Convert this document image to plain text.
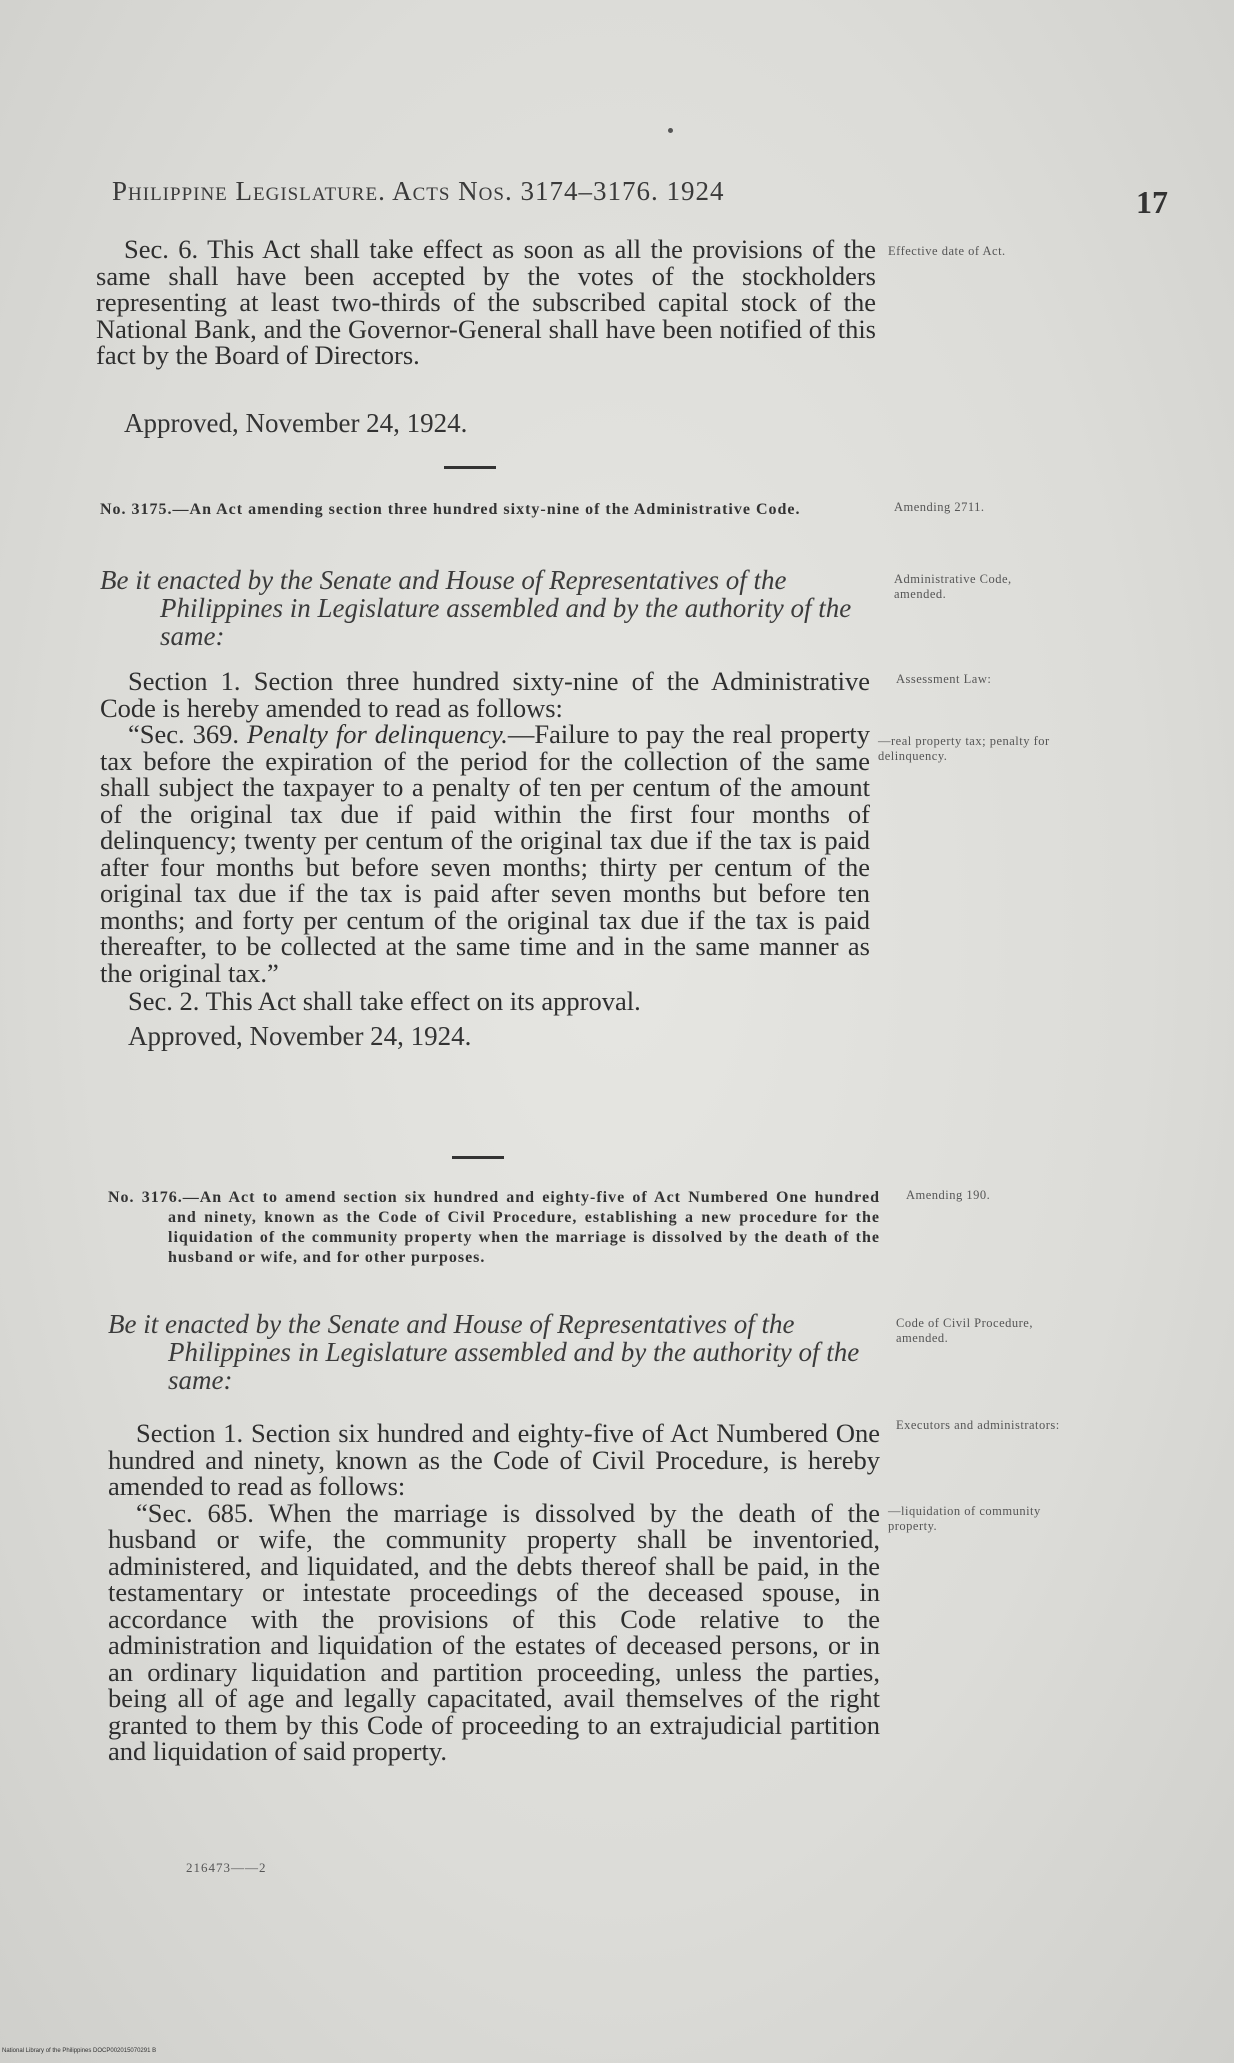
Philippine Legislature. Acts Nos. 3174–3176. 1924	17

Sec. 6. This Act shall take effect as soon as all the provisions of the same shall have been accepted by the votes of the stockholders representing at least two-thirds of the subscribed capital stock of the National Bank, and the Governor-General shall have been notified of this fact by the Board of Directors.

Approved, November 24, 1924.

Effective date of Act.

No. 3175.—An Act amending section three hundred sixty-nine of the Administrative Code.	Amending 2711.

Be it enacted by the Senate and House of Representatives of the Philippines in Legislature assembled and by the authority of the same:

Administrative Code, amended.

Section 1. Section three hundred sixty-nine of the Administrative Code is hereby amended to read as follows:

“Sec. 369. Penalty for delinquency.—Failure to pay the real property tax before the expiration of the period for the collection of the same shall subject the taxpayer to a penalty of ten per centum of the amount of the original tax due if paid within the first four months of delinquency; twenty per centum of the original tax due if the tax is paid after four months but before seven months; thirty per centum of the original tax due if the tax is paid after seven months but before ten months; and forty per centum of the original tax due if the tax is paid thereafter, to be collected at the same time and in the same manner as the original tax.”

Sec. 2. This Act shall take effect on its approval.

Approved, November 24, 1924.

Assessment Law:
—real property tax; penalty for delinquency.

No. 3176.—An Act to amend section six hundred and eighty-five of Act Numbered One hundred and ninety, known as the Code of Civil Procedure, establishing a new procedure for the liquidation of the community property when the marriage is dissolved by the death of the husband or wife, and for other purposes.

Amending 190.

Be it enacted by the Senate and House of Representatives of the Philippines in Legislature assembled and by the authority of the same:

Code of Civil Procedure, amended.

Section 1. Section six hundred and eighty-five of Act Numbered One hundred and ninety, known as the Code of Civil Procedure, is hereby amended to read as follows:

“Sec. 685. When the marriage is dissolved by the death of the husband or wife, the community property shall be inventoried, administered, and liquidated, and the debts thereof shall be paid, in the testamentary or intestate proceedings of the deceased spouse, in accordance with the provisions of this Code relative to the administration and liquidation of the estates of deceased persons, or in an ordinary liquidation and partition proceeding, unless the parties, being all of age and legally capacitated, avail themselves of the right granted to them by this Code of proceeding to an extrajudicial partition and liquidation of said property.

Executors and administrators:
—liquidation of community property.
216473——2
National Library of the Philippines DOCP002015070291 B
